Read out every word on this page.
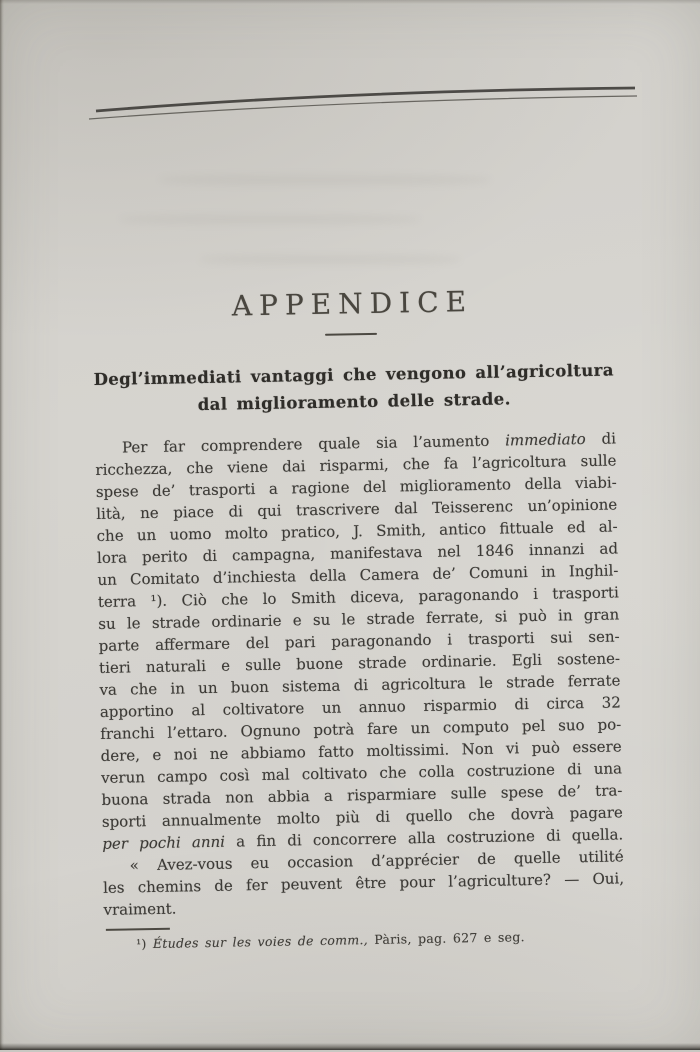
APPENDICE
Degl’immediati vantaggi che vengono all’agricoltura
dal miglioramento delle strade.
Per far comprendere quale sia l’aumento immediato di
ricchezza, che viene dai risparmi, che fa l’agricoltura sulle
spese de’ trasporti a ragione del miglioramento della viabi-
lità, ne piace di qui trascrivere dal Teisserenc un’opinione
che un uomo molto pratico, J. Smith, antico fittuale ed al-
lora perito di campagna, manifestava nel 1846 innanzi ad
un Comitato d’inchiesta della Camera de’ Comuni in Inghil-
terra ¹). Ciò che lo Smith diceva, paragonando i trasporti
su le strade ordinarie e su le strade ferrate, si può in gran
parte affermare del pari paragonando i trasporti sui sen-
tieri naturali e sulle buone strade ordinarie. Egli sostene-
va che in un buon sistema di agricoltura le strade ferrate
apportino al coltivatore un annuo risparmio di circa 32
franchi l’ettaro. Ognuno potrà fare un computo pel suo po-
dere, e noi ne abbiamo fatto moltissimi. Non vi può essere
verun campo così mal coltivato che colla costruzione di una
buona strada non abbia a risparmiare sulle spese de’ tra-
sporti annualmente molto più di quello che dovrà pagare
per pochi anni a fin di concorrere alla costruzione di quella.
« Avez-vous eu occasion d’apprécier de quelle utilité
les chemins de fer peuvent être pour l’agriculture? — Oui,
vraiment.
¹) Études sur les voies de comm., Pàris, pag. 627 e seg.
